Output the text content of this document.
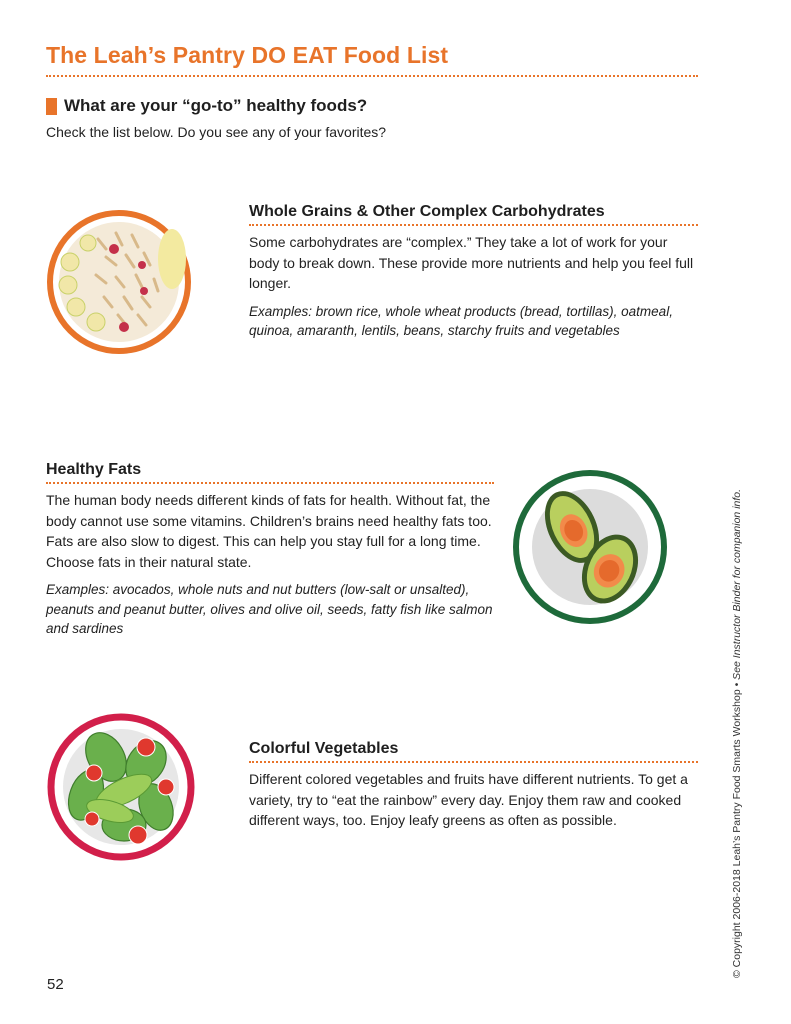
The Leah’s Pantry DO EAT Food List
What are your “go-to” healthy foods?
Check the list below. Do you see any of your favorites?
Whole Grains & Other Complex Carbohydrates

Some carbohydrates are “complex.” They take a lot of work for your body to break down. These provide more nutrients and help you feel full longer.

Examples: brown rice, whole wheat products (bread, tortillas), oatmeal, quinoa, amaranth, lentils, beans, starchy fruits and vegetables

Healthy Fats

The human body needs different kinds of fats for health. Without fat, the body cannot use some vitamins. Children’s brains need healthy fats too. Fats are also slow to digest. This can help you stay full for a long time. Choose fats in their natural state.

Examples: avocados, whole nuts and nut butters (low-salt or unsalted), peanuts and peanut butter, olives and olive oil, seeds, fatty fish like salmon and sardines

Colorful Vegetables

Different colored vegetables and fruits have different nutrients. To get a variety, try to “eat the rainbow” every day. Enjoy them raw and cooked different ways, too. Enjoy leafy greens as often as possible.	© Copyright 2006-2018 Leah’s Pantry Food Smarts Workshop • See Instructor Binder for companion info.
52
